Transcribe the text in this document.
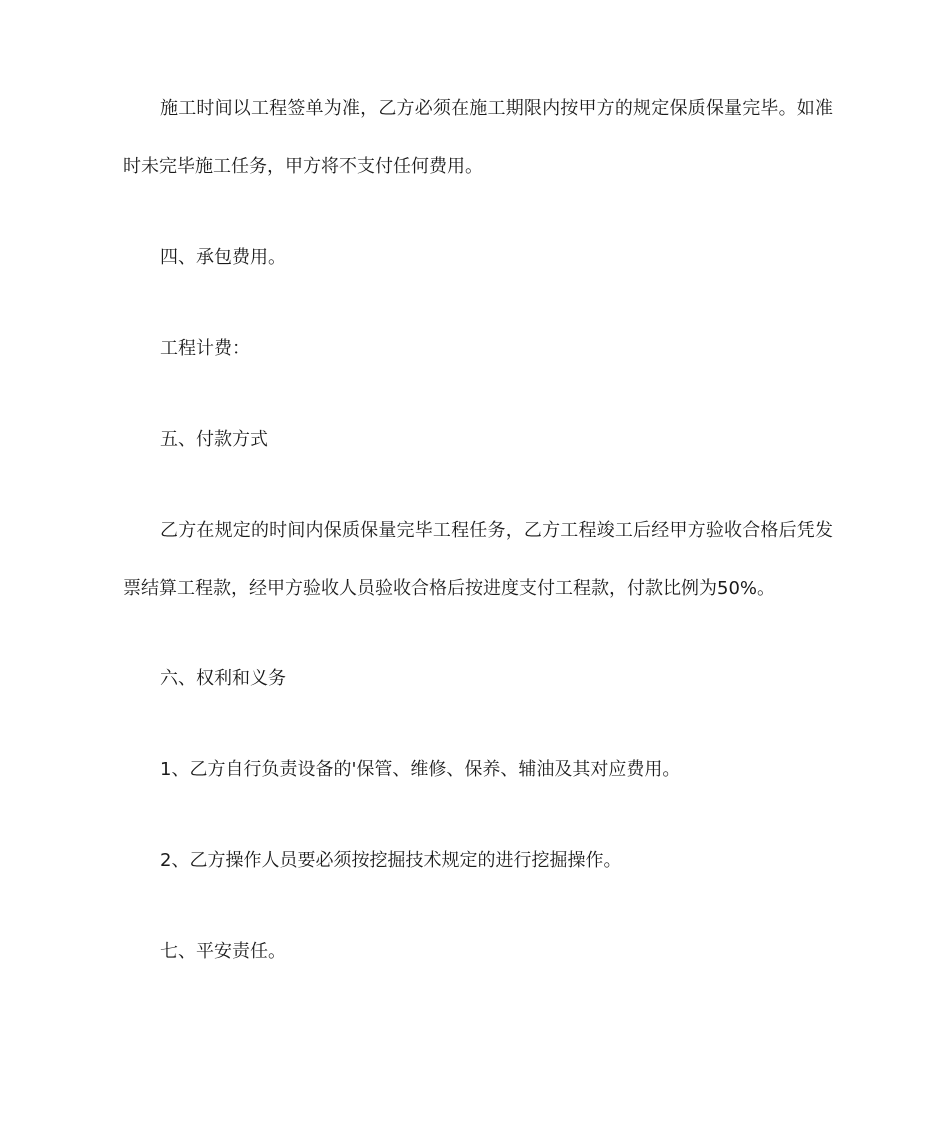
施工时间以工程签单为准，乙方必须在施工期限内按甲方的规定保质保量完毕。如准时未完毕施工任务，甲方将不支付任何费用。

四、承包费用。

工程计费：

五、付款方式

乙方在规定的时间内保质保量完毕工程任务，乙方工程竣工后经甲方验收合格后凭发票结算工程款，经甲方验收人员验收合格后按进度支付工程款，付款比例为50%。

六、权利和义务

1、乙方自行负责设备的'保管、维修、保养、辅油及其对应费用。

2、乙方操作人员要必须按挖掘技术规定的进行挖掘操作。

七、平安责任。
